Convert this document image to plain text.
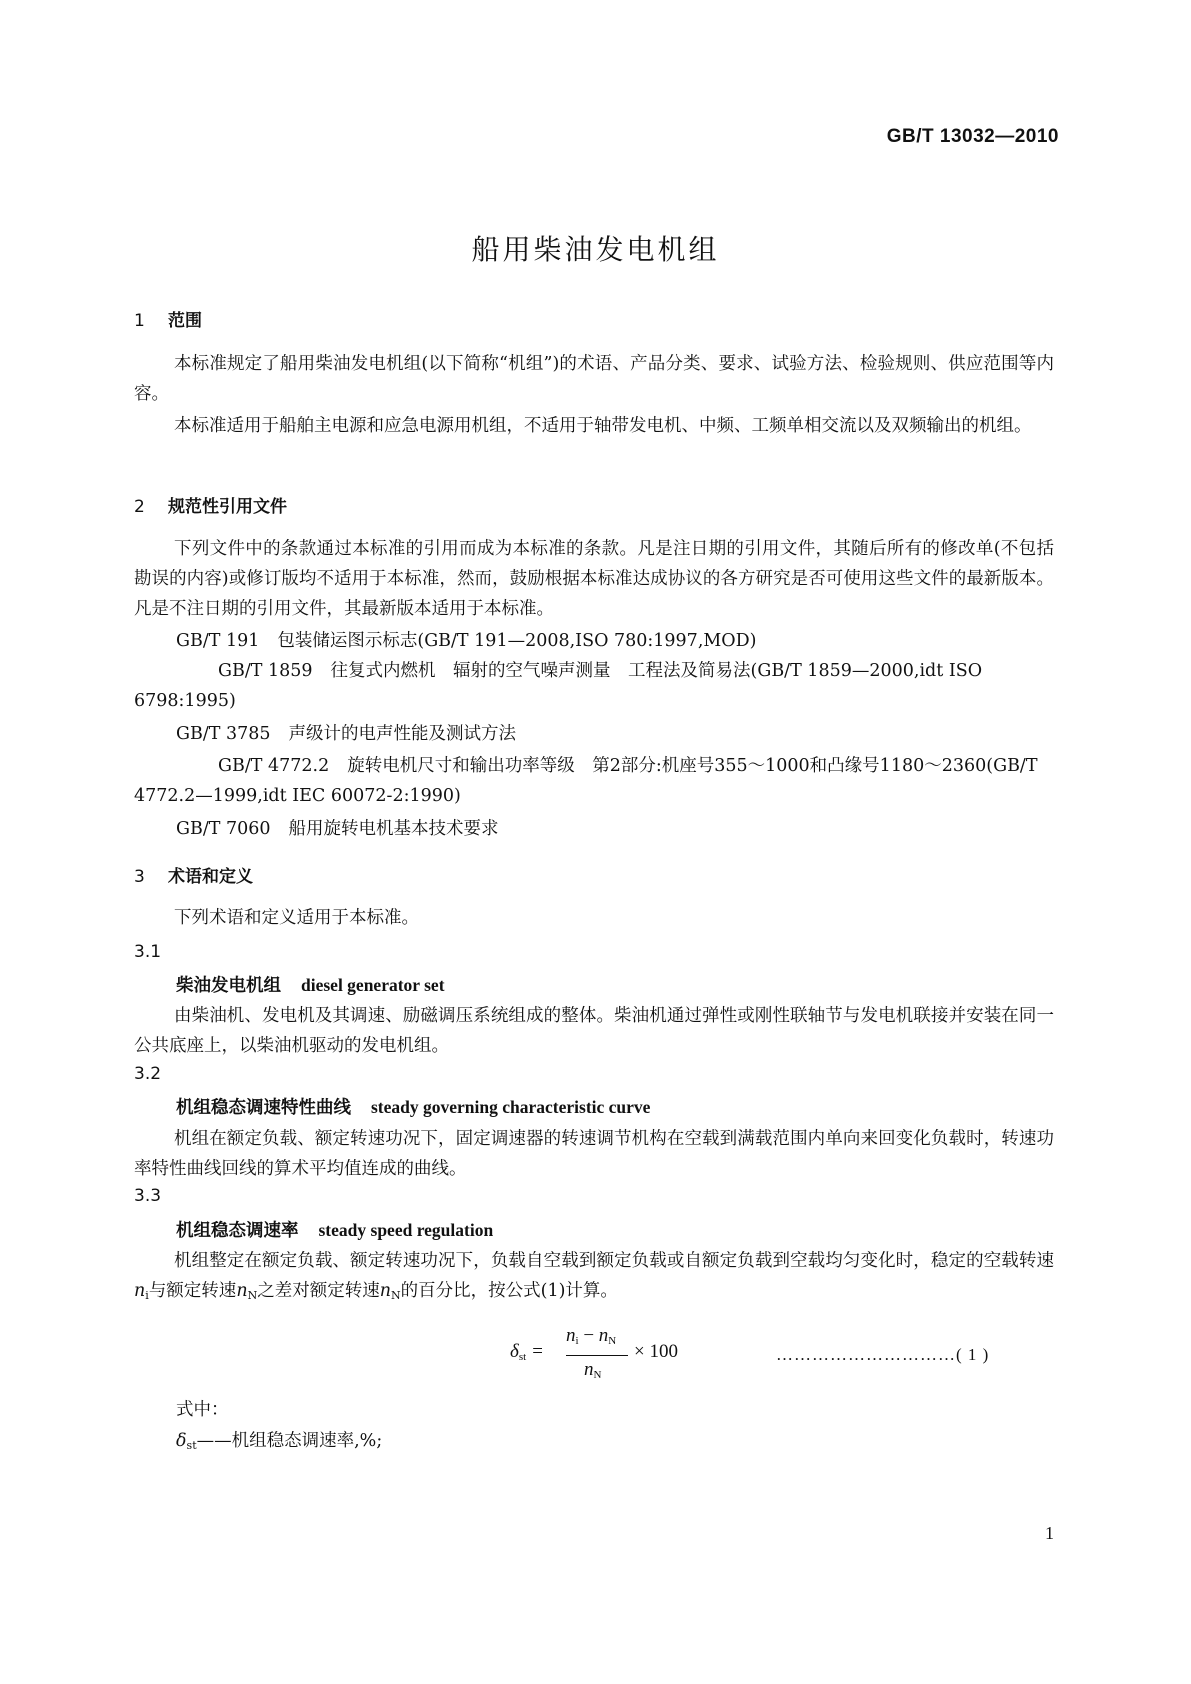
GB/T 13032—2010
船用柴油发电机组
1 范围
本标准规定了船用柴油发电机组(以下简称“机组”)的术语、产品分类、要求、试验方法、检验规则、供应范围等内容。
本标准适用于船舶主电源和应急电源用机组，不适用于轴带发电机、中频、工频单相交流以及双频输出的机组。
2 规范性引用文件
下列文件中的条款通过本标准的引用而成为本标准的条款。凡是注日期的引用文件，其随后所有的修改单(不包括勘误的内容)或修订版均不适用于本标准，然而，鼓励根据本标准达成协议的各方研究是否可使用这些文件的最新版本。凡是不注日期的引用文件，其最新版本适用于本标准。
GB/T 191 包装储运图示标志(GB/T 191—2008,ISO 780:1997,MOD)
GB/T 1859 往复式内燃机　辐射的空气噪声测量　工程法及简易法(GB/T 1859—2000,idt ISO 6798:1995)
GB/T 3785 声级计的电声性能及测试方法
GB/T 4772.2 旋转电机尺寸和输出功率等级　第2部分:机座号355～1000和凸缘号1180～2360(GB/T 4772.2—1999,idt IEC 60072-2:1990)
GB/T 7060 船用旋转电机基本技术要求
3 术语和定义
下列术语和定义适用于本标准。
3.1
柴油发电机组 diesel generator set
由柴油机、发电机及其调速、励磁调压系统组成的整体。柴油机通过弹性或刚性联轴节与发电机联接并安装在同一公共底座上，以柴油机驱动的发电机组。
3.2
机组稳态调速特性曲线 steady governing characteristic curve
机组在额定负载、额定转速功况下，固定调速器的转速调节机构在空载到满载范围内单向来回变化负载时，转速功率特性曲线回线的算术平均值连成的曲线。
3.3
机组稳态调速率 steady speed regulation
机组整定在额定负载、额定转速功况下，负载自空载到额定负载或自额定负载到空载均匀变化时，稳定的空载转速$n_i$与额定转速$n_N$之差对额定转速$n_N$的百分比，按公式(1)计算。
$\delta_{st}$ =
$n_i - n_N$
$n_N$
× 100	…………………………( 1 )
式中：
$\delta_{st}——$机组稳态调速率,%;
1
